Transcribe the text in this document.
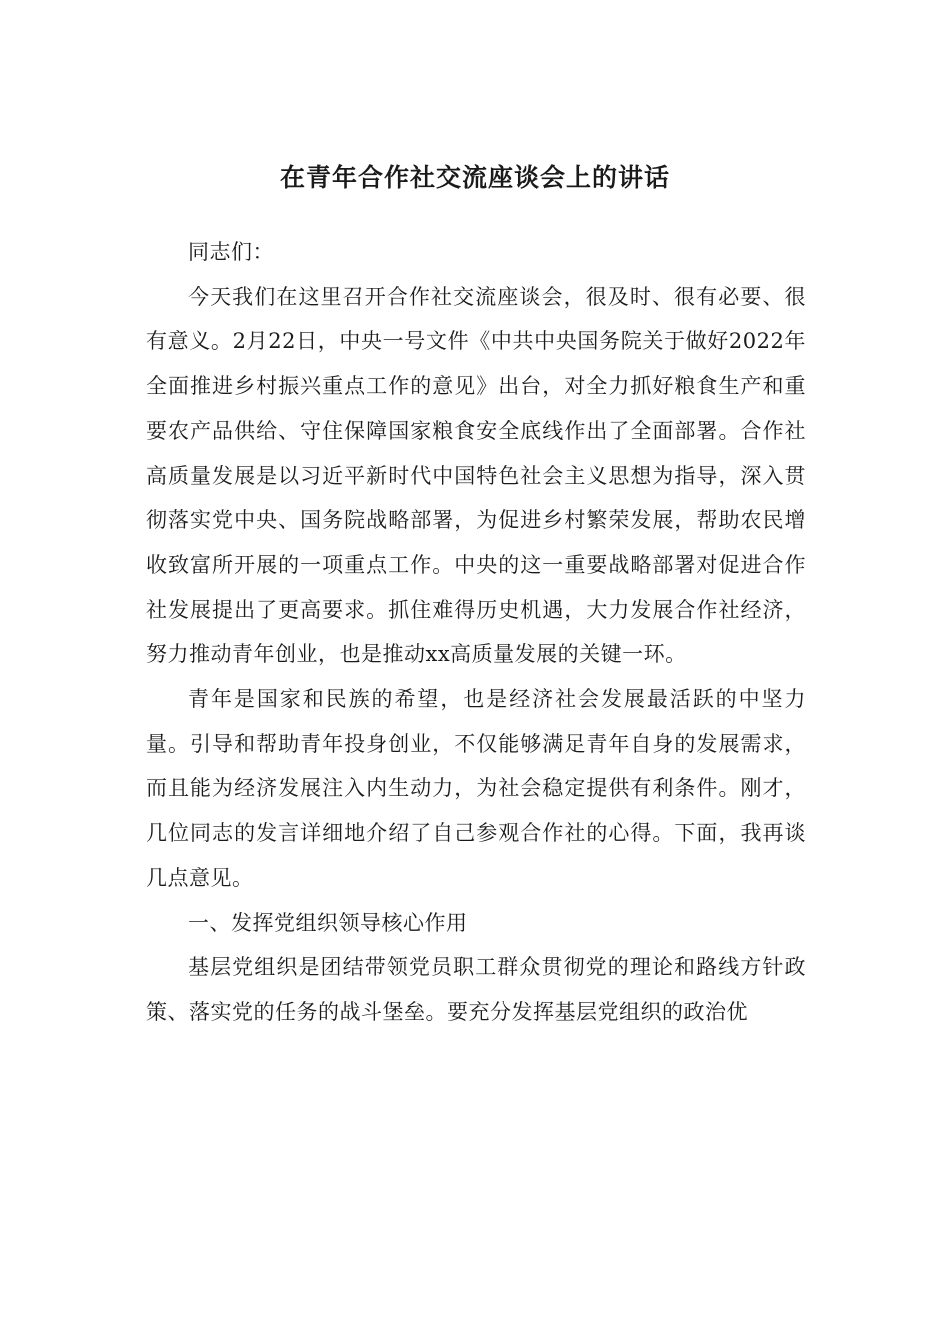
在青年合作社交流座谈会上的讲话

同志们：

今天我们在这里召开合作社交流座谈会，很及时、很有必要、很有意义。2月22日，中央一号文件《中共中央国务院关于做好2022年全面推进乡村振兴重点工作的意见》出台，对全力抓好粮食生产和重要农产品供给、守住保障国家粮食安全底线作出了全面部署。合作社高质量发展是以习近平新时代中国特色社会主义思想为指导，深入贯彻落实党中央、国务院战略部署，为促进乡村繁荣发展，帮助农民增收致富所开展的一项重点工作。中央的这一重要战略部署对促进合作社发展提出了更高要求。抓住难得历史机遇，大力发展合作社经济，努力推动青年创业，也是推动xx高质量发展的关键一环。

青年是国家和民族的希望，也是经济社会发展最活跃的中坚力量。引导和帮助青年投身创业，不仅能够满足青年自身的发展需求，而且能为经济发展注入内生动力，为社会稳定提供有利条件。刚才，几位同志的发言详细地介绍了自己参观合作社的心得。下面，我再谈几点意见。

一、发挥党组织领导核心作用

基层党组织是团结带领党员职工群众贯彻党的理论和路线方针政策、落实党的任务的战斗堡垒。要充分发挥基层党组织的政治优
